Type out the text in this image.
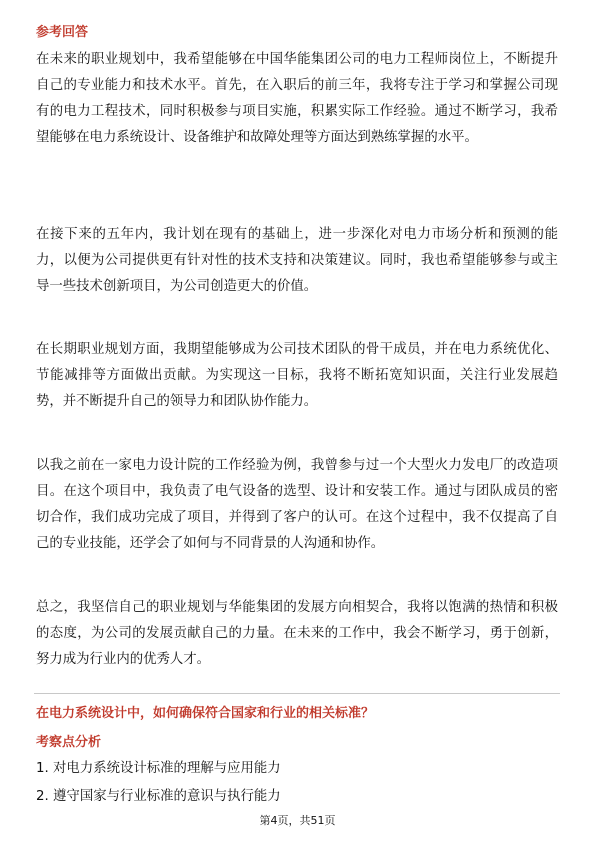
参考回答
在未来的职业规划中，我希望能够在中国华能集团公司的电力工程师岗位上，不断提升自己的专业能力和技术水平。首先，在入职后的前三年，我将专注于学习和掌握公司现有的电力工程技术，同时积极参与项目实施，积累实际工作经验。通过不断学习，我希望能够在电力系统设计、设备维护和故障处理等方面达到熟练掌握的水平。
在接下来的五年内，我计划在现有的基础上，进一步深化对电力市场分析和预测的能力，以便为公司提供更有针对性的技术支持和决策建议。同时，我也希望能够参与或主导一些技术创新项目，为公司创造更大的价值。
在长期职业规划方面，我期望能够成为公司技术团队的骨干成员，并在电力系统优化、节能减排等方面做出贡献。为实现这一目标，我将不断拓宽知识面，关注行业发展趋势，并不断提升自己的领导力和团队协作能力。
以我之前在一家电力设计院的工作经验为例，我曾参与过一个大型火力发电厂的改造项目。在这个项目中，我负责了电气设备的选型、设计和安装工作。通过与团队成员的密切合作，我们成功完成了项目，并得到了客户的认可。在这个过程中，我不仅提高了自己的专业技能，还学会了如何与不同背景的人沟通和协作。
总之，我坚信自己的职业规划与华能集团的发展方向相契合，我将以饱满的热情和积极的态度，为公司的发展贡献自己的力量。在未来的工作中，我会不断学习，勇于创新，努力成为行业内的优秀人才。
在电力系统设计中，如何确保符合国家和行业的相关标准？
考察点分析
1. 对电力系统设计标准的理解与应用能力
2. 遵守国家与行业标准的意识与执行能力
第4页，共51页
